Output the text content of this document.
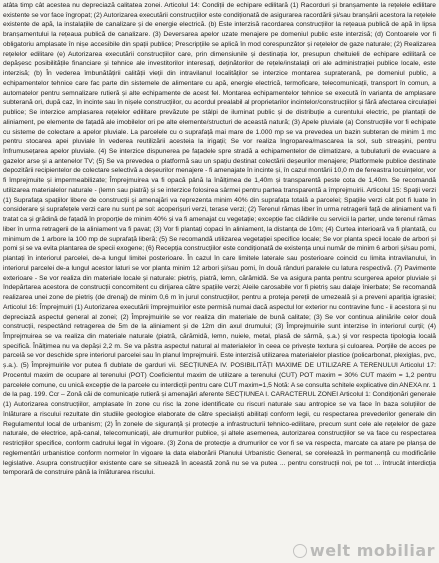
atâta timp cât acestea nu depreciază calitatea zonei. Articolul 14: Condiții de echipare edilitară (1) Racorduri și branșamente la rețelele edilitare existente se vor face îngropat; (2) Autorizarea executării construcțiilor este condiționată de asigurarea racordării și/sau branșării acestora la rețelele existente de apă, la instalațiile de canalizare și de energie electrică. (b) Este interzisă racordarea construcțiilor la rețeaua publică de apă în lipsa branșamentului la rețeaua publică de canalizare. (3) Deversarea apelor uzate menajere pe domeniul public este interzisă; (d) Contoarele vor fi obligatoriu amplasate în nișe accesibile din spații publice; Prescripțiile se aplică în mod corespunzător și rețelelor de gaze naturale; (2) Realizarea rețelelor edilitare (e) Autorizarea executării construcțiilor care, prin dimensiunile și destinația lor, presupun cheltuieli de echipare edilitară ce depășesc posibilitățile financiare și tehnice ale investitorilor interesați, deținătorilor de rețele/instalații ori ale administrației publice locale, este interzisă; (b) În vederea îmbunătățirii calității vieții din intravilanul localităților se interzice montarea supraterană, pe domeniul public, a echipamentelor tehnice care fac parte din sistemele de alimentare cu apă, energie electrică, termoficare, telecomunicații, transport în comun, a automatelor pentru semnalizare rutieră și alte echipamente de acest fel. Montarea echipamentelor tehnice se execută în varianta de amplasare subterană ori, după caz, în incinte sau în nișele construcțiilor, cu acordul prealabil al proprietarilor incintelor/construcțiilor și fără afectarea circulației publice; Se interzice amplasarea rețelelor edilitare prevăzute pe stâlpi de iluminat public și de distribuție a curentului electric, pe plantații de aliniament, pe elemente de fațadă ale imobilelor ori pe alte elemente/structuri de această natură; (3) Apele pluviale (a) Construcțiile vor fi echipate cu sisteme de colectare a apelor pluviale. La parcelele cu o suprafață mai mare de 1.000 mp se va prevedea un bazin subteran de minim 1 mc pentru stocarea apei pluviale în vederea reutilizării acesteia la irigații; Se vor realiza îngroparea/mascarea la sol, sub streașini, pentru înfrumusețarea apelor pluviale. (4) Se interzice dispunerea pe fațadele spre stradă a echipamentelor de climatizare, a tubulaturii de evacuare a gazelor arse și a antenelor TV; (5) Se va prevedea o platformă sau un spațiu destinat colectării deșeurilor menajere; Platformele publice destinate depozitării recipientelor de colectare selectivă a deșeurilor menajere - fi amenajate în incinte și, în cazul montării 10,0 m de fereastra locuințelor, vor fi împrejmuite și impermeabilizate; Împrejmuirea va fi opacă până la înălțimea de 1,40m și transparentă peste cota de 1,40m. Se recomandă utilizarea materialelor naturale - (lemn sau piatră) și se interzice folosirea sârmei pentru partea transparentă a împrejmuirii. Articolul 15: Spații verzi (1) Suprafața spațiilor libere de construcții și amenajări va reprezenta minim 40% din suprafața totală a parcelei; Spațiile verzi cât pot fi luate în considerare și suprafețele verzi care nu sunt pe sol: acoperișuri verzi, terase verzi; (2) Terenul rămas liber în urma retragerii față de aliniament va fi tratat ca și grădină de fațadă în proporție de minim 40% și va fi amenajat cu vegetație; excepție fac clădirile cu servicii la parter, unde terenul rămas liber în urma retragerii de la aliniament va fi pavat; (3) Vor fi plantați copaci în aliniament, la distanța de 10m; (4) Curtea interioară va fi plantată, cu minimum de 1 arbore la 100 mp de suprafață liberă; (5) Se recomandă utilizarea vegetației specifice locale; Se vor planta specii locale de arbori și pomi și se va evita plantarea de specii exogene; (6) Recepția construcțiilor este condiționată de existența unui număr de minim 6 arbori și/sau pomi, plantați în interiorul parcelei, de-a lungul limitei posterioare. În cazul în care limitele laterale sau posterioare coincid cu limita intravilanului, în interiorul parcelei de-a lungul acestor laturi se vor planta minim 12 arbori și/sau pomi, în două rânduri paralele cu latura respectivă. (7) Pavimente exterioare - Se vor realiza din materiale locale și naturale: pietriș, piatră, lemn, cărămidă. Se va asigura panta pentru scurgerea apelor pluviale și îndepărtarea acestora de construcții concomitent cu dirijarea către spațiile verzi; Aleile carosabile vor fi pietriș sau dalaje înierbate; Se recomandă realizarea unei zone de pietriș (de drenaj) de minim 0,6 m în jurul construcțiilor, pentru a proteja pereții de umezeală și a preveni apariția igrasiei; Articolul 16: Împrejmuiri (1) Autorizarea executării împrejmuirilor este permisă numai dacă aspectul lor exterior nu contravine func - ii acestora și nu depreciază aspectul general al zonei; (2) Împrejmuirile se vor realiza din materiale de bună calitate; (3) Se vor continua aliniările celor două construcții, respectând retragerea de 5m de la aliniament și de 12m din axul drumului; (3) Împrejmuirile sunt interzise în interiorul curții; (4) Împrejmuirea se va realiza din materiale naturale (piatră, cărămidă, lemn, nuiele, metal, plasă de sârmă, ș.a.) și vor respecta tipologia locală specifică. Înălțimea nu va depăși 2,2 m. Se va păstra aspectul natural al materialelor în ceea ce privește textura și culoarea. Porțiile de acces pe parcelă se vor deschide spre interiorul parcelei sau în planul împrejmuirii. Este interzisă utilizarea materialelor plastice (policarbonat, plexiglas, pvc, ș.a.). (5) Împrejmuirile vor putea fi dublate de garduri vii. SECȚIUNEA IV. POSIBILITĂȚI MAXIME DE UTILIZARE A TERENULUI Articolul 17: Procentul maxim de ocupare al terenului (POT) Coeficientul maxim de utilizare a terenului (CUT) POT maxim = 30% CUT maxim = 1,2 pentru parcelele comune, cu unică excepție de la parcele cu interdicții pentru care CUT maxim=1,5 Notă: A se consulta schitele explicative din ANEXA nr. 1 de la pag. 199. Ccr – Zonă căi de comunicație rutieră și amenajări aferente SECȚIUNEA I. CARACTERUL ZONEI Articolul 1: Condiționări generale (1) Autorizarea construcțiilor, amplasate în zone cu risc la zone identificate cu riscuri naturale sau antropice se va face în baza soluțiilor de înlăturare a riscului rezultate din studiile geologice elaborate de către specialiști abilitați conform legii, cu respectarea prevederilor generale din Regulamentul local de urbanism; (2) În zonele de siguranță și protecție a infrastructurii tehnico-edilitare, precum sunt cele ale rețelelor de gaze naturale, de electrice, apă-canal, telecomunicații, ale drumurilor publice, și altele asemenea, autorizarea construcțiilor se va face cu respectarea restricțiilor specifice, conform cadrului legal în vigoare. (3) Zona de protecție a drumurilor ce vor fi se va respecta, marcate ca atare pe planșa de reglementări urbanistice conform normelor în vigoare la data elaborării Planului Urbanistic General, se corelează în permanență cu modificările legislative. Asupra construcțiilor existente care se situează în această zonă nu se va putea ... pentru construcții noi, pe tot ... întrucât interdicția temporară de construire până la înlăturarea riscului.

welt mobiliar
